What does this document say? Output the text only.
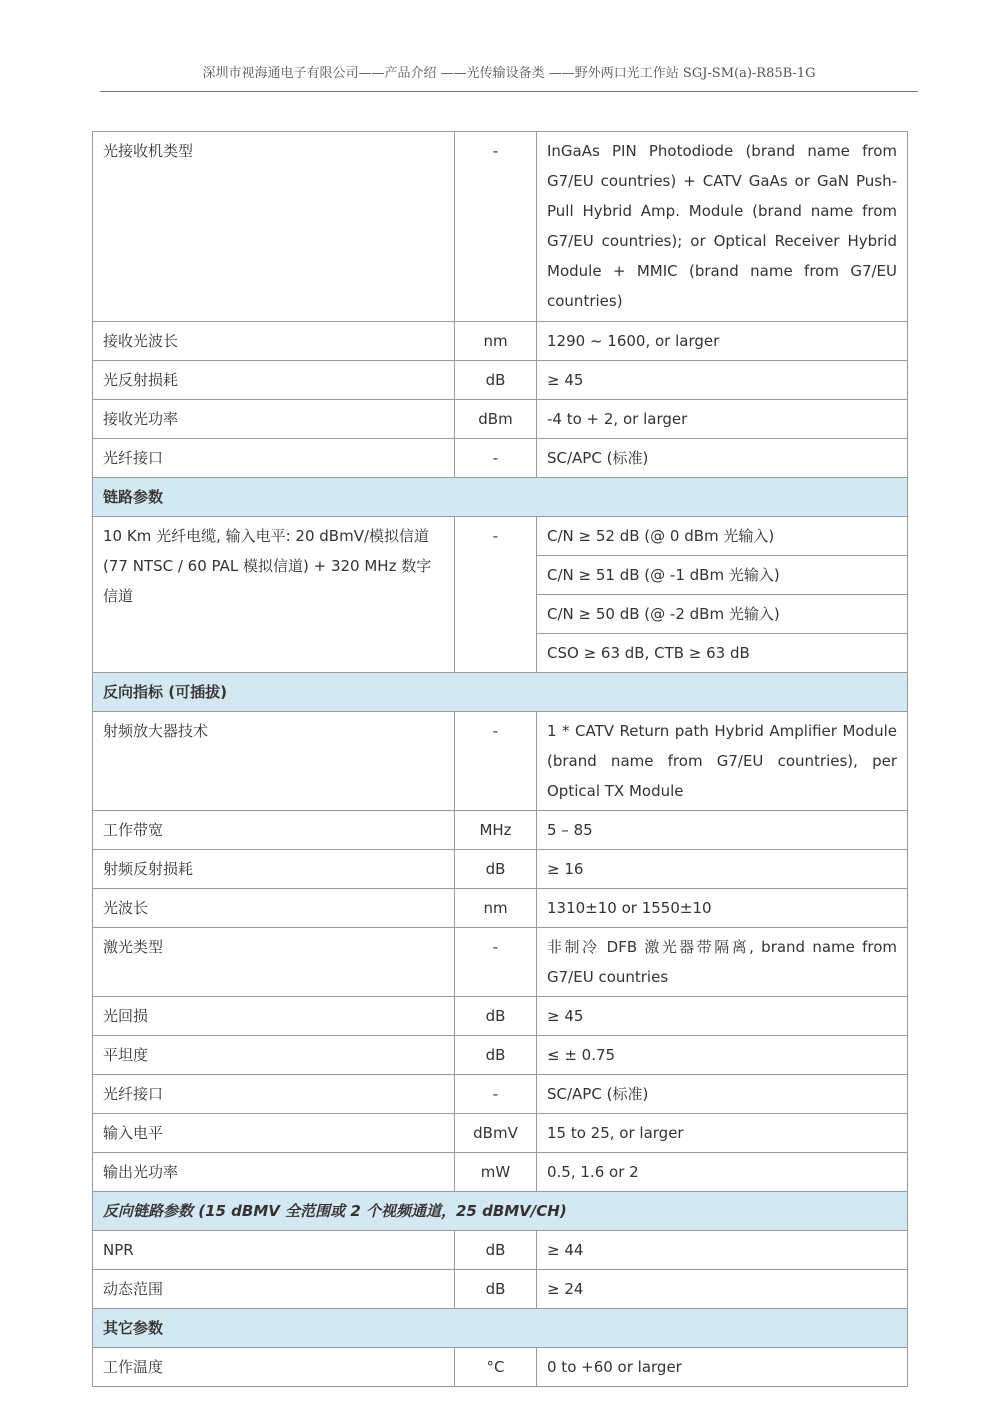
深圳市视海通电子有限公司——产品介绍 ——光传输设备类 ——野外两口光工作站 SGJ-SM(a)-R85B-1G
光接收机类型	-	InGaAs PIN Photodiode (brand name from G7/EU countries) + CATV GaAs or GaN Push-Pull Hybrid Amp. Module (brand name from G7/EU countries); or Optical Receiver Hybrid Module + MMIC (brand name from G7/EU countries)
接收光波长	nm	1290 ~ 1600, or larger
光反射损耗	dB	≥ 45
接收光功率	dBm	-4 to + 2, or larger
光纤接口	-	SC/APC (标准)
链路参数		
10 Km 光纤电缆, 输入电平: 20 dBmV/模拟信道(77 NTSC / 60 PAL 模拟信道) + 320 MHz 数字信道	-	C/N ≥ 52 dB (@ 0 dBm 光输入)
C/N ≥ 51 dB (@ -1 dBm 光输入)
C/N ≥ 50 dB (@ -2 dBm 光输入)
CSO ≥ 63 dB, CTB ≥ 63 dB

反向指标 (可插拔)		
射频放大器技术	-	1 * CATV Return path Hybrid Amplifier Module (brand name from G7/EU countries), per Optical TX Module
工作带宽	MHz	5 – 85
射频反射损耗	dB	≥ 16
光波长	nm	1310±10 or 1550±10
激光类型	-	非制冷 DFB 激光器带隔离, brand name from G7/EU countries
光回损	dB	≥ 45
平坦度	dB	≤ ± 0.75
光纤接口	-	SC/APC (标准)
输入电平	dBmV	15 to 25, or larger
输出光功率	mW	0.5, 1.6 or 2
反向链路参数 (15 dBMV 全范围或 2 个视频通道，25 dBMV/CH)		
NPR	dB	≥ 44
动态范围	dB	≥ 24
其它参数		
工作温度	°C	0 to +60 or larger
